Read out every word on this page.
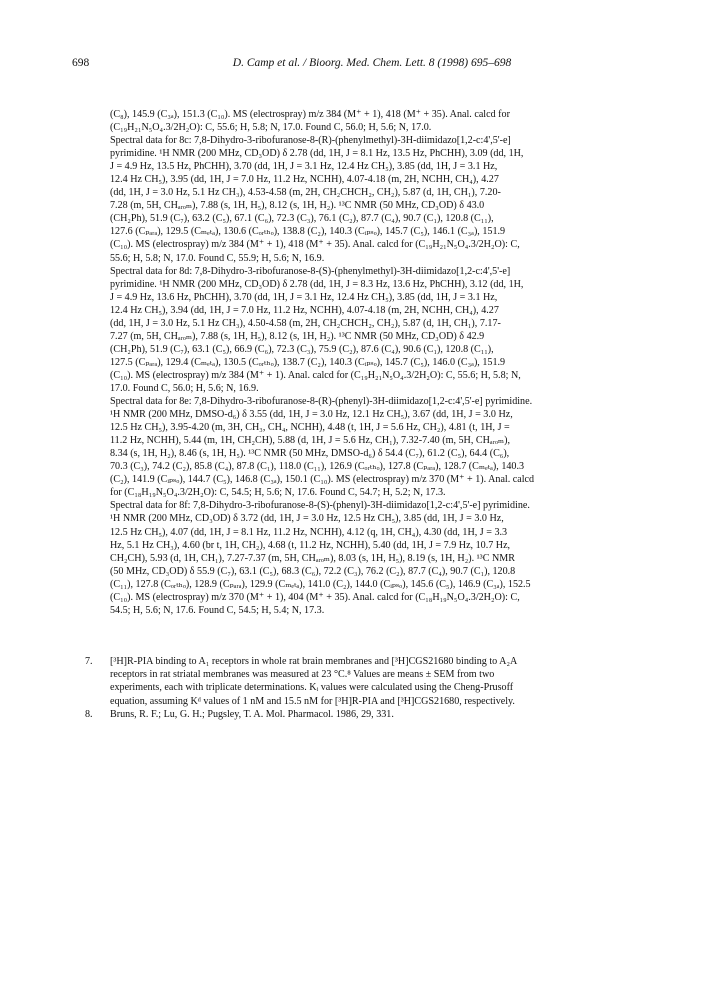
698	D. Camp et al. / Bioorg. Med. Chem. Lett. 8 (1998) 695–698
(C₈), 145.9 (C₃ₐ), 151.3 (C₁₀). MS (electrospray) m/z 384 (M⁺ + 1), 418 (M⁺ + 35). Anal. calcd for
(C₁₉H₂₁N₅O₄.3/2H₂O): C, 55.6; H, 5.8; N, 17.0. Found C, 56.0; H, 5.6; N, 17.0.
Spectral data for 8c: 7,8-Dihydro-3-ribofuranose-8-(R)-(phenylmethyl)-3H-diimidazo[1,2-c:4',5'-e]
pyrimidine. ¹H NMR (200 MHz, CD₃OD) δ 2.78 (dd, 1H, J = 8.1 Hz, 13.5 Hz, PhCHH), 3.09 (dd, 1H,
J = 4.9 Hz, 13.5 Hz, PhCHH), 3.70 (dd, 1H, J = 3.1 Hz, 12.4 Hz CH₅), 3.85 (dd, 1H, J = 3.1 Hz,
12.4 Hz CH₅), 3.95 (dd, 1H, J = 7.0 Hz, 11.2 Hz, NCHH), 4.07-4.18 (m, 2H, NCHH, CH₄), 4.27
(dd, 1H, J = 3.0 Hz, 5.1 Hz CH₃), 4.53-4.58 (m, 2H, CH₂CHCH₂, CH₂), 5.87 (d, 1H, CH₁), 7.20-
7.28 (m, 5H, CHₐᵣₒₘ), 7.88 (s, 1H, H₅), 8.12 (s, 1H, H₂). ¹³C NMR (50 MHz, CD₃OD) δ 43.0
(CH₂Ph), 51.9 (C₇), 63.2 (C₅), 67.1 (C₆), 72.3 (C₃), 76.1 (C₂), 87.7 (C₄), 90.7 (C₁), 120.8 (C₁₁),
127.6 (Cₚₐᵣₐ), 129.5 (Cₘₑₜₐ), 130.6 (Cₒᵣₜₕₒ), 138.8 (C₂), 140.3 (Cᵢₚₛₒ), 145.7 (C₅), 146.1 (C₃ₐ), 151.9
(C₁₀). MS (electrospray) m/z 384 (M⁺ + 1), 418 (M⁺ + 35). Anal. calcd for (C₁₉H₂₁N₅O₄.3/2H₂O): C,
55.6; H, 5.8; N, 17.0. Found C, 55.9; H, 5.6; N, 16.9.
Spectral data for 8d: 7,8-Dihydro-3-ribofuranose-8-(S)-(phenylmethyl)-3H-diimidazo[1,2-c:4',5'-e]
pyrimidine. ¹H NMR (200 MHz, CD₃OD) δ 2.78 (dd, 1H, J = 8.3 Hz, 13.6 Hz, PhCHH), 3.12 (dd, 1H,
J = 4.9 Hz, 13.6 Hz, PhCHH), 3.70 (dd, 1H, J = 3.1 Hz, 12.4 Hz CH₅), 3.85 (dd, 1H, J = 3.1 Hz,
12.4 Hz CH₅), 3.94 (dd, 1H, J = 7.0 Hz, 11.2 Hz, NCHH), 4.07-4.18 (m, 2H, NCHH, CH₄), 4.27
(dd, 1H, J = 3.0 Hz, 5.1 Hz CH₃), 4.50-4.58 (m, 2H, CH₂CHCH₂, CH₂), 5.87 (d, 1H, CH₁), 7.17-
7.27 (m, 5H, CHₐᵣₒₘ), 7.88 (s, 1H, H₅), 8.12 (s, 1H, H₂). ¹³C NMR (50 MHz, CD₃OD) δ 42.9
(CH₂Ph), 51.9 (C₇), 63.1 (C₅), 66.9 (C₆), 72.3 (C₃), 75.9 (C₂), 87.6 (C₄), 90.6 (C₁), 120.8 (C₁₁),
127.5 (Cₚₐᵣₐ), 129.4 (Cₘₑₜₐ), 130.5 (Cₒᵣₜₕₒ), 138.7 (C₂), 140.3 (Cᵢₚₛₒ), 145.7 (C₅), 146.0 (C₃ₐ), 151.9
(C₁₀). MS (electrospray) m/z 384 (M⁺ + 1). Anal. calcd for (C₁₉H₂₁N₅O₄.3/2H₂O): C, 55.6; H, 5.8; N,
17.0. Found C, 56.0; H, 5.6; N, 16.9.
Spectral data for 8e: 7,8-Dihydro-3-ribofuranose-8-(R)-(phenyl)-3H-diimidazo[1,2-c:4',5'-e] pyrimidine.
¹H NMR (200 MHz, DMSO-d₆) δ 3.55 (dd, 1H, J = 3.0 Hz, 12.1 Hz CH₅), 3.67 (dd, 1H, J = 3.0 Hz,
12.5 Hz CH₅), 3.95-4.20 (m, 3H, CH₃, CH₄, NCHH), 4.48 (t, 1H, J = 5.6 Hz, CH₂), 4.81 (t, 1H, J =
11.2 Hz, NCHH), 5.44 (m, 1H, CH₂CH), 5.88 (d, 1H, J = 5.6 Hz, CH₁), 7.32-7.40 (m, 5H, CHₐᵣₒₘ),
8.34 (s, 1H, H₂), 8.46 (s, 1H, H₅). ¹³C NMR (50 MHz, DMSO-d₆) δ 54.4 (C₇), 61.2 (C₅), 64.4 (C₆),
70.3 (C₃), 74.2 (C₂), 85.8 (C₄), 87.8 (C₁), 118.0 (C₁₁), 126.9 (Cₒᵣₜₕₒ), 127.8 (Cₚₐᵣₐ), 128.7 (Cₘₑₜₐ), 140.3
(C₂), 141.9 (Cᵢₚₛₒ), 144.7 (C₅), 146.8 (C₃ₐ), 150.1 (C₁₀). MS (electrospray) m/z 370 (M⁺ + 1). Anal. calcd
for (C₁₈H₁₉N₅O₄.3/2H₂O): C, 54.5; H, 5.6; N, 17.6. Found C, 54.7; H, 5.2; N, 17.3.
Spectral data for 8f: 7,8-Dihydro-3-ribofuranose-8-(S)-(phenyl)-3H-diimidazo[1,2-c:4',5'-e] pyrimidine.
¹H NMR (200 MHz, CD₃OD) δ 3.72 (dd, 1H, J = 3.0 Hz, 12.5 Hz CH₅), 3.85 (dd, 1H, J = 3.0 Hz,
12.5 Hz CH₅), 4.07 (dd, 1H, J = 8.1 Hz, 11.2 Hz, NCHH), 4.12 (q, 1H, CH₄), 4.30 (dd, 1H, J = 3.3
Hz, 5.1 Hz CH₃), 4.60 (br t, 1H, CH₂), 4.68 (t, 11.2 Hz, NCHH), 5.40 (dd, 1H, J = 7.9 Hz, 10.7 Hz,
CH₂CH), 5.93 (d, 1H, CH₁), 7.27-7.37 (m, 5H, CHₐᵣₒₘ), 8.03 (s, 1H, H₅), 8.19 (s, 1H, H₂). ¹³C NMR
(50 MHz, CD₃OD) δ 55.9 (C₇), 63.1 (C₅), 68.3 (C₆), 72.2 (C₃), 76.2 (C₂), 87.7 (C₄), 90.7 (C₁), 120.8
(C₁₁), 127.8 (Cₒᵣₜₕₒ), 128.9 (Cₚₐᵣₐ), 129.9 (Cₘₑₜₐ), 141.0 (C₂), 144.0 (Cᵢₚₛₒ), 145.6 (C₅), 146.9 (C₃ₐ), 152.5
(C₁₀). MS (electrospray) m/z 370 (M⁺ + 1), 404 (M⁺ + 35). Anal. calcd for (C₁₈H₁₉N₅O₄.3/2H₂O): C,
54.5; H, 5.6; N, 17.6. Found C, 54.5; H, 5.4; N, 17.3.
7. [³H]R-PIA binding to A₁ receptors in whole rat brain membranes and [³H]CGS21680 binding to A₂A
receptors in rat striatal membranes was measured at 23 °C.⁸ Values are means ± SEM from two
experiments, each with triplicate determinations. Kᵢ values were calculated using the Cheng-Prusoff
equation, assuming Kᵈ values of 1 nM and 15.5 nM for [³H]R-PIA and [³H]CGS21680, respectively.
8. Bruns, R. F.; Lu, G. H.; Pugsley, T. A. Mol. Pharmacol. 1986, 29, 331.
